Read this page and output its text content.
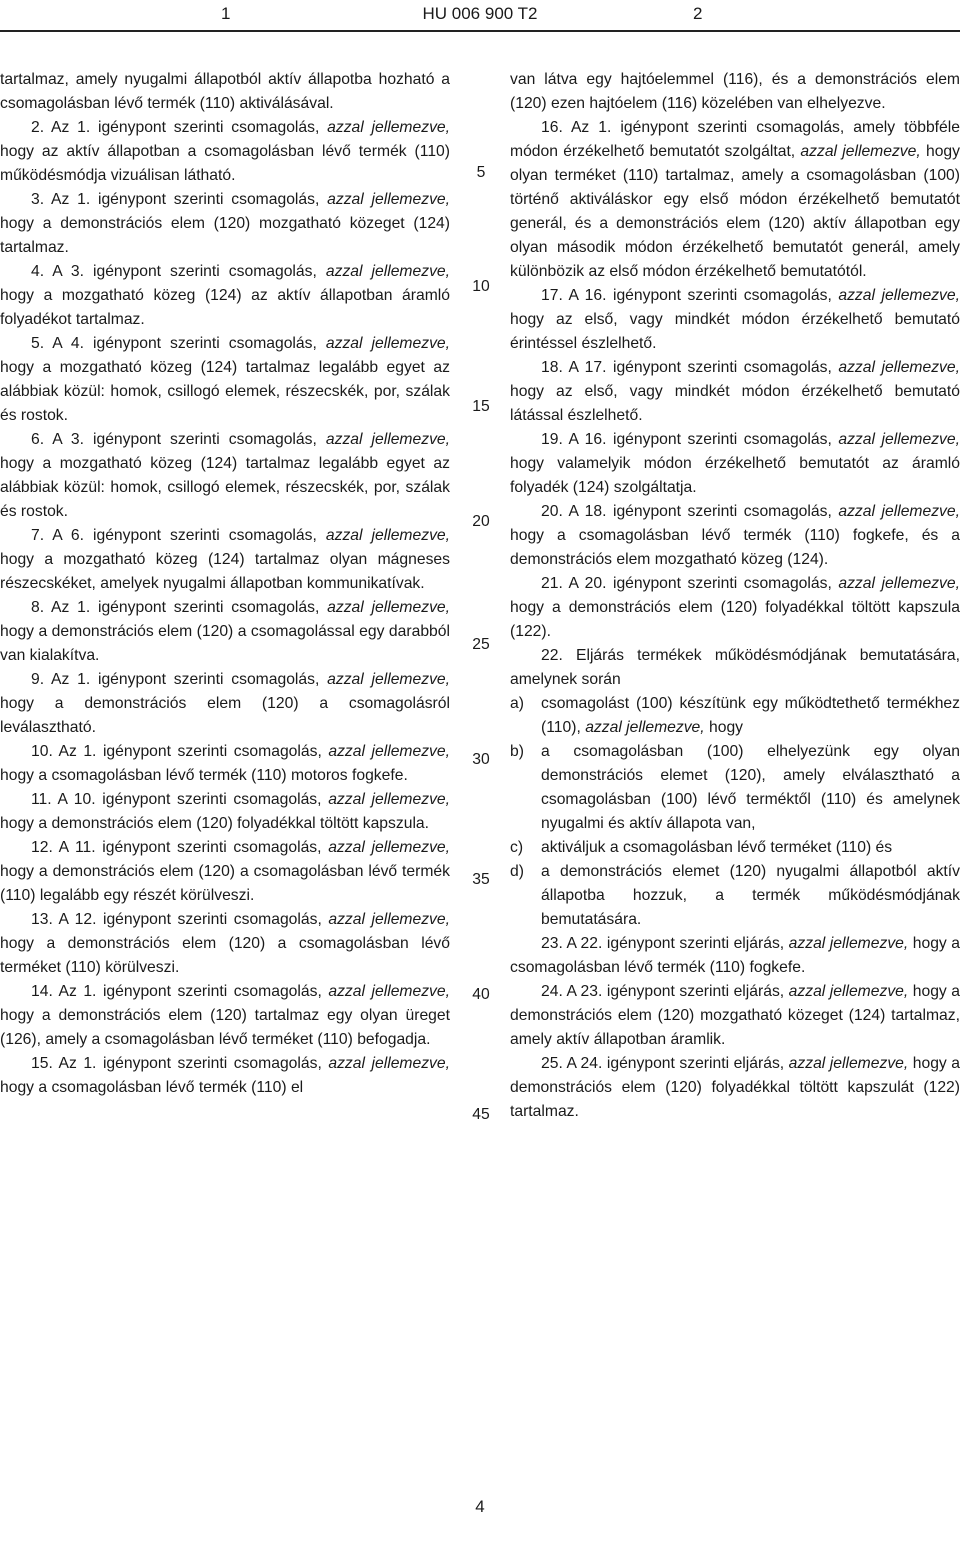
1	HU 006 900 T2	2

tartalmaz, amely nyugalmi állapotból aktív állapotba hozható a csomagolásban lévő termék (110) aktiválásával.

2. Az 1. igénypont szerinti csomagolás, azzal jellemezve, hogy az aktív állapotban a csomagolásban lévő termék (110) működésmódja vizuálisan látható.

3. Az 1. igénypont szerinti csomagolás, azzal jellemezve, hogy a demonstrációs elem (120) mozgatható közeget (124) tartalmaz.

4. A 3. igénypont szerinti csomagolás, azzal jellemezve, hogy a mozgatható közeg (124) az aktív állapotban áramló folyadékot tartalmaz.

5. A 4. igénypont szerinti csomagolás, azzal jellemezve, hogy a mozgatható közeg (124) tartalmaz legalább egyet az alábbiak közül: homok, csillogó elemek, részecskék, por, szálak és rostok.

6. A 3. igénypont szerinti csomagolás, azzal jellemezve, hogy a mozgatható közeg (124) tartalmaz legalább egyet az alábbiak közül: homok, csillogó elemek, részecskék, por, szálak és rostok.

7. A 6. igénypont szerinti csomagolás, azzal jellemezve, hogy a mozgatható közeg (124) tartalmaz olyan mágneses részecskéket, amelyek nyugalmi állapotban kommunikatívak.

8. Az 1. igénypont szerinti csomagolás, azzal jellemezve, hogy a demonstrációs elem (120) a csomagolással egy darabból van kialakítva.

9. Az 1. igénypont szerinti csomagolás, azzal jellemezve, hogy a demonstrációs elem (120) a csomagolásról leválasztható.

10. Az 1. igénypont szerinti csomagolás, azzal jellemezve, hogy a csomagolásban lévő termék (110) motoros fogkefe.

11. A 10. igénypont szerinti csomagolás, azzal jellemezve, hogy a demonstrációs elem (120) folyadékkal töltött kapszula.

12. A 11. igénypont szerinti csomagolás, azzal jellemezve, hogy a demonstrációs elem (120) a csomagolásban lévő termék (110) legalább egy részét körülveszi.

13. A 12. igénypont szerinti csomagolás, azzal jellemezve, hogy a demonstrációs elem (120) a csomagolásban lévő terméket (110) körülveszi.

14. Az 1. igénypont szerinti csomagolás, azzal jellemezve, hogy a demonstrációs elem (120) tartalmaz egy olyan üreget (126), amely a csomagolásban lévő terméket (110) befogadja.

15. Az 1. igénypont szerinti csomagolás, azzal jellemezve, hogy a csomagolásban lévő termék (110) el

van látva egy hajtóelemmel (116), és a demonstrációs elem (120) ezen hajtóelem (116) közelében van elhelyezve.

16. Az 1. igénypont szerinti csomagolás, amely többféle módon érzékelhető bemutatót szolgáltat, azzal jellemezve, hogy olyan terméket (110) tartalmaz, amely a csomagolásban (100) történő aktiváláskor egy első módon érzékelhető bemutatót generál, és a demonstrációs elem (120) aktív állapotban egy olyan második módon érzékelhető bemutatót generál, amely különbözik az első módon érzékelhető bemutatótól.

17. A 16. igénypont szerinti csomagolás, azzal jellemezve, hogy az első, vagy mindkét módon érzékelhető bemutató érintéssel észlelhető.

18. A 17. igénypont szerinti csomagolás, azzal jellemezve, hogy az első, vagy mindkét módon érzékelhető bemutató látással észlelhető.

19. A 16. igénypont szerinti csomagolás, azzal jellemezve, hogy valamelyik módon érzékelhető bemutatót az áramló folyadék (124) szolgáltatja.

20. A 18. igénypont szerinti csomagolás, azzal jellemezve, hogy a csomagolásban lévő termék (110) fogkefe, és a demonstrációs elem mozgatható közeg (124).

21. A 20. igénypont szerinti csomagolás, azzal jellemezve, hogy a demonstrációs elem (120) folyadékkal töltött kapszula (122).

22. Eljárás termékek működésmódjának bemutatására, amelynek során

a) csomagolást (100) készítünk egy működtethető termékhez (110), azzal jellemezve, hogy

b) a csomagolásban (100) elhelyezünk egy olyan demonstrációs elemet (120), amely elválasztható a csomagolásban (100) lévő terméktől (110) és amelynek nyugalmi és aktív állapota van,

c) aktiváljuk a csomagolásban lévő terméket (110) és

d) a demonstrációs elemet (120) nyugalmi állapotból aktív állapotba hozzuk, a termék működésmódjának bemutatására.

23. A 22. igénypont szerinti eljárás, azzal jellemezve, hogy a csomagolásban lévő termék (110) fogkefe.

24. A 23. igénypont szerinti eljárás, azzal jellemezve, hogy a demonstrációs elem (120) mozgatható közeget (124) tartalmaz, amely aktív állapotban áramlik.

25. A 24. igénypont szerinti eljárás, azzal jellemezve, hogy a demonstrációs elem (120) folyadékkal töltött kapszulát (122) tartalmaz.

5
10
15
20
25
30
35
40
45
4
